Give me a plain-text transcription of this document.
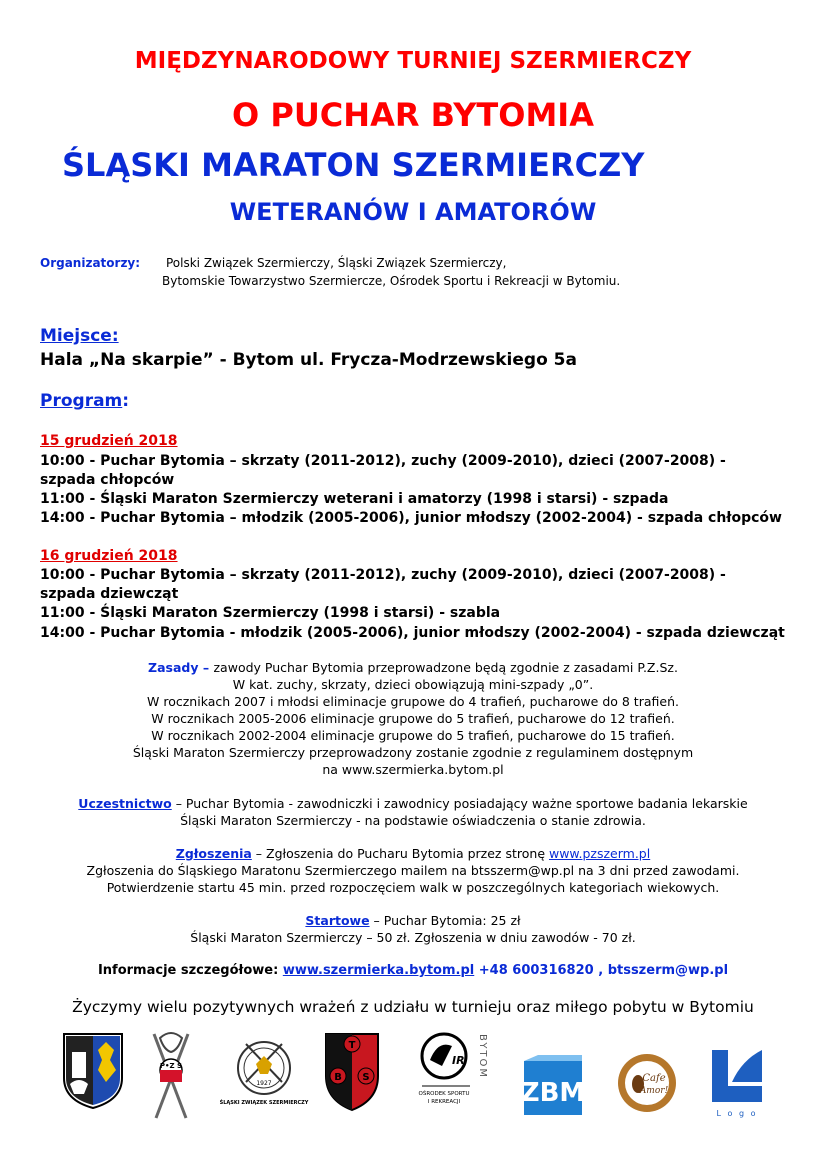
MIĘDZYNARODOWY TURNIEJ SZERMIERCZY
O PUCHAR BYTOMIA
ŚLĄSKI MARATON SZERMIERCZY
WETERANÓW I AMATORÓW
Organizatorzy: Polski Związek Szermierczy, Śląski Związek Szermierczy,
Bytomskie Towarzystwo Szermiercze, Ośrodek Sportu i Rekreacji w Bytomiu.
Miejsce:
Hala „Na skarpie” - Bytom ul. Frycza-Modrzewskiego 5a
Program:
15 grudzień 2018
10:00 - Puchar Bytomia – skrzaty (2011-2012), zuchy (2009-2010), dzieci (2007-2008) -
szpada chłopców
11:00 - Śląski Maraton Szermierczy weterani i amatorzy (1998 i starsi) - szpada
14:00 - Puchar Bytomia – młodzik (2005-2006), junior młodszy (2002-2004) - szpada chłopców
16 grudzień 2018
10:00 - Puchar Bytomia – skrzaty (2011-2012), zuchy (2009-2010), dzieci (2007-2008) -
szpada dziewcząt
11:00 - Śląski Maraton Szermierczy (1998 i starsi) - szabla
14:00 - Puchar Bytomia - młodzik (2005-2006), junior młodszy (2002-2004) - szpada dziewcząt
Zasady – zawody Puchar Bytomia przeprowadzone będą zgodnie z zasadami P.Z.Sz.
W kat. zuchy, skrzaty, dzieci obowiązują mini-szpady „0”.
W rocznikach 2007 i młodsi eliminacje grupowe do 4 trafień, pucharowe do 8 trafień.
W rocznikach 2005-2006 eliminacje grupowe do 5 trafień, pucharowe do 12 trafień.
W rocznikach 2002-2004 eliminacje grupowe do 5 trafień, pucharowe do 15 trafień.
Śląski Maraton Szermierczy przeprowadzony zostanie zgodnie z regulaminem dostępnym
na www.szermierka.bytom.pl
Uczestnictwo – Puchar Bytomia - zawodniczki i zawodnicy posiadający ważne sportowe badania lekarskie
Śląski Maraton Szermierczy - na podstawie oświadczenia o stanie zdrowia.
Zgłoszenia – Zgłoszenia do Pucharu Bytomia przez stronę www.pzszerm.pl
Zgłoszenia do Śląskiego Maratonu Szermierczego mailem na btsszerm@wp.pl na 3 dni przed zawodami.
Potwierdzenie startu 45 min. przed rozpoczęciem walk w poszczególnych kategoriach wiekowych.
Startowe – Puchar Bytomia: 25 zł
Śląski Maraton Szermierczy – 50 zł. Zgłoszenia w dniu zawodów - 70 zł.
Informacje szczegółowe: www.szermierka.bytom.pl +48 600316820 , btsszerm@wp.pl
Życzymy wielu pozytywnych wrażeń z udziału w turnieju oraz miłego pobytu w Bytomiu
P•Z S
1927
ŚLĄSKI ZWIĄZEK SZERMIERCZY
T
B S
IR
OŚRODEK SPORTU
I REKREACJI
BYTOM
ZBM	Cafe
Amor!
L o g o
